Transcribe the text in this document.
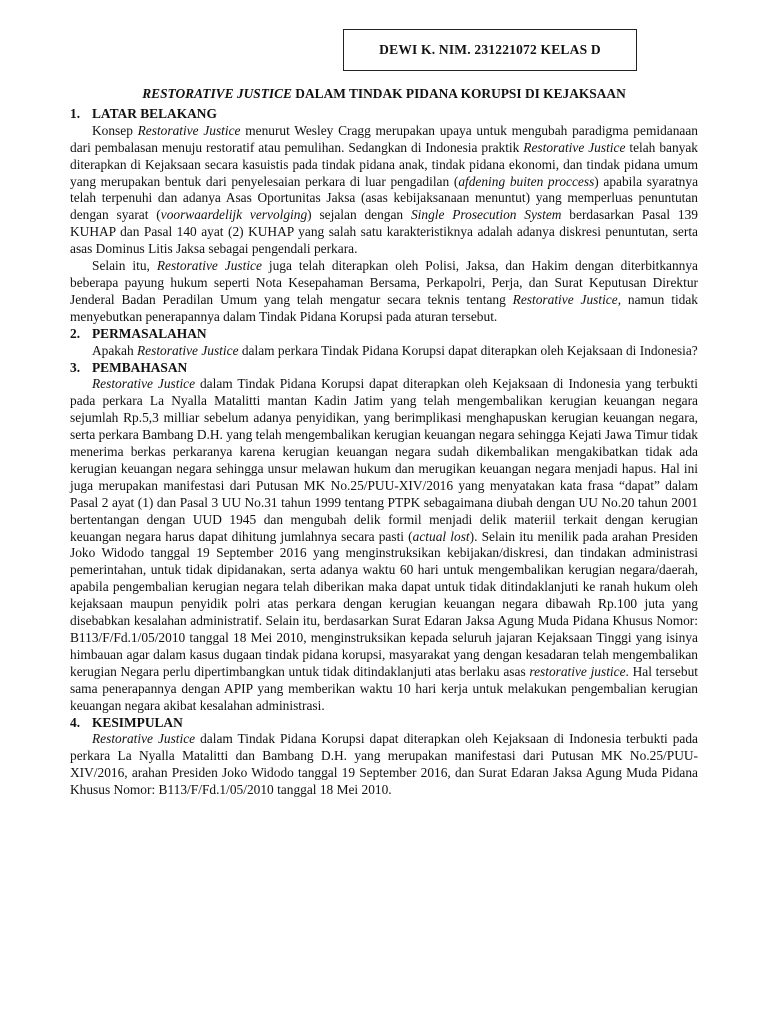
DEWI K. NIM. 231221072 KELAS D
RESTORATIVE JUSTICE DALAM TINDAK PIDANA KORUPSI DI KEJAKSAAN
1. LATAR BELAKANG

Konsep Restorative Justice menurut Wesley Cragg merupakan upaya untuk mengubah paradigma pemidanaan dari pembalasan menuju restoratif atau pemulihan. Sedangkan di Indonesia praktik Restorative Justice telah banyak diterapkan di Kejaksaan secara kasuistis pada tindak pidana anak, tindak pidana ekonomi, dan tindak pidana umum yang merupakan bentuk dari penyelesaian perkara di luar pengadilan (afdening buiten proccess) apabila syaratnya telah terpenuhi dan adanya Asas Oportunitas Jaksa (asas kebijaksanaan menuntut) yang memperluas penuntutan dengan syarat (voorwaardelijk vervolging) sejalan dengan Single Prosecution System berdasarkan Pasal 139 KUHAP dan Pasal 140 ayat (2) KUHAP yang salah satu karakteristiknya adalah adanya diskresi penuntutan, serta asas Dominus Litis Jaksa sebagai pengendali perkara.

Selain itu, Restorative Justice juga telah diterapkan oleh Polisi, Jaksa, dan Hakim dengan diterbitkannya beberapa payung hukum seperti Nota Kesepahaman Bersama, Perkapolri, Perja, dan Surat Keputusan Direktur Jenderal Badan Peradilan Umum yang telah mengatur secara teknis tentang Restorative Justice, namun tidak menyebutkan penerapannya dalam Tindak Pidana Korupsi pada aturan tersebut.

2. PERMASALAHAN

Apakah Restorative Justice dalam perkara Tindak Pidana Korupsi dapat diterapkan oleh Kejaksaan di Indonesia?

3. PEMBAHASAN

Restorative Justice dalam Tindak Pidana Korupsi dapat diterapkan oleh Kejaksaan di Indonesia yang terbukti pada perkara La Nyalla Matalitti mantan Kadin Jatim yang telah mengembalikan kerugian keuangan negara sejumlah Rp.5,3 milliar sebelum adanya penyidikan, yang berimplikasi menghapuskan kerugian keuangan negara, serta perkara Bambang D.H. yang telah mengembalikan kerugian keuangan negara sehingga Kejati Jawa Timur tidak menerima berkas perkaranya karena kerugian keuangan negara sudah dikembalikan mengakibatkan tidak ada kerugian keuangan negara sehingga unsur melawan hukum dan merugikan keuangan negara menjadi hapus. Hal ini juga merupakan manifestasi dari Putusan MK No.25/PUU-XIV/2016 yang menyatakan kata frasa “dapat” dalam Pasal 2 ayat (1) dan Pasal 3 UU No.31 tahun 1999 tentang PTPK sebagaimana diubah dengan UU No.20 tahun 2001 bertentangan dengan UUD 1945 dan mengubah delik formil menjadi delik materiil terkait dengan kerugian keuangan negara harus dapat dihitung jumlahnya secara pasti (actual lost). Selain itu menilik pada arahan Presiden Joko Widodo tanggal 19 September 2016 yang menginstruksikan kebijakan/diskresi, dan tindakan administrasi pemerintahan, untuk tidak dipidanakan, serta adanya waktu 60 hari untuk mengembalikan kerugian negara/daerah, apabila pengembalian kerugian negara telah diberikan maka dapat untuk tidak ditindaklanjuti ke ranah hukum oleh kejaksaan maupun penyidik polri atas perkara dengan kerugian keuangan negara dibawah Rp.100 juta yang disebabkan kesalahan administratif. Selain itu, berdasarkan Surat Edaran Jaksa Agung Muda Pidana Khusus Nomor: B113/F/Fd.1/05/2010 tanggal 18 Mei 2010, menginstruksikan kepada seluruh jajaran Kejaksaan Tinggi yang isinya himbauan agar dalam kasus dugaan tindak pidana korupsi, masyarakat yang dengan kesadaran telah mengembalikan kerugian Negara perlu dipertimbangkan untuk tidak ditindaklanjuti atas berlaku asas restorative justice. Hal tersebut sama penerapannya dengan APIP yang memberikan waktu 10 hari kerja untuk melakukan pengembalian kerugian keuangan negara akibat kesalahan administrasi.

4. KESIMPULAN

Restorative Justice dalam Tindak Pidana Korupsi dapat diterapkan oleh Kejaksaan di Indonesia terbukti pada perkara La Nyalla Matalitti dan Bambang D.H. yang merupakan manifestasi dari Putusan MK No.25/PUU-XIV/2016, arahan Presiden Joko Widodo tanggal 19 September 2016, dan Surat Edaran Jaksa Agung Muda Pidana Khusus Nomor: B113/F/Fd.1/05/2010 tanggal 18 Mei 2010.
